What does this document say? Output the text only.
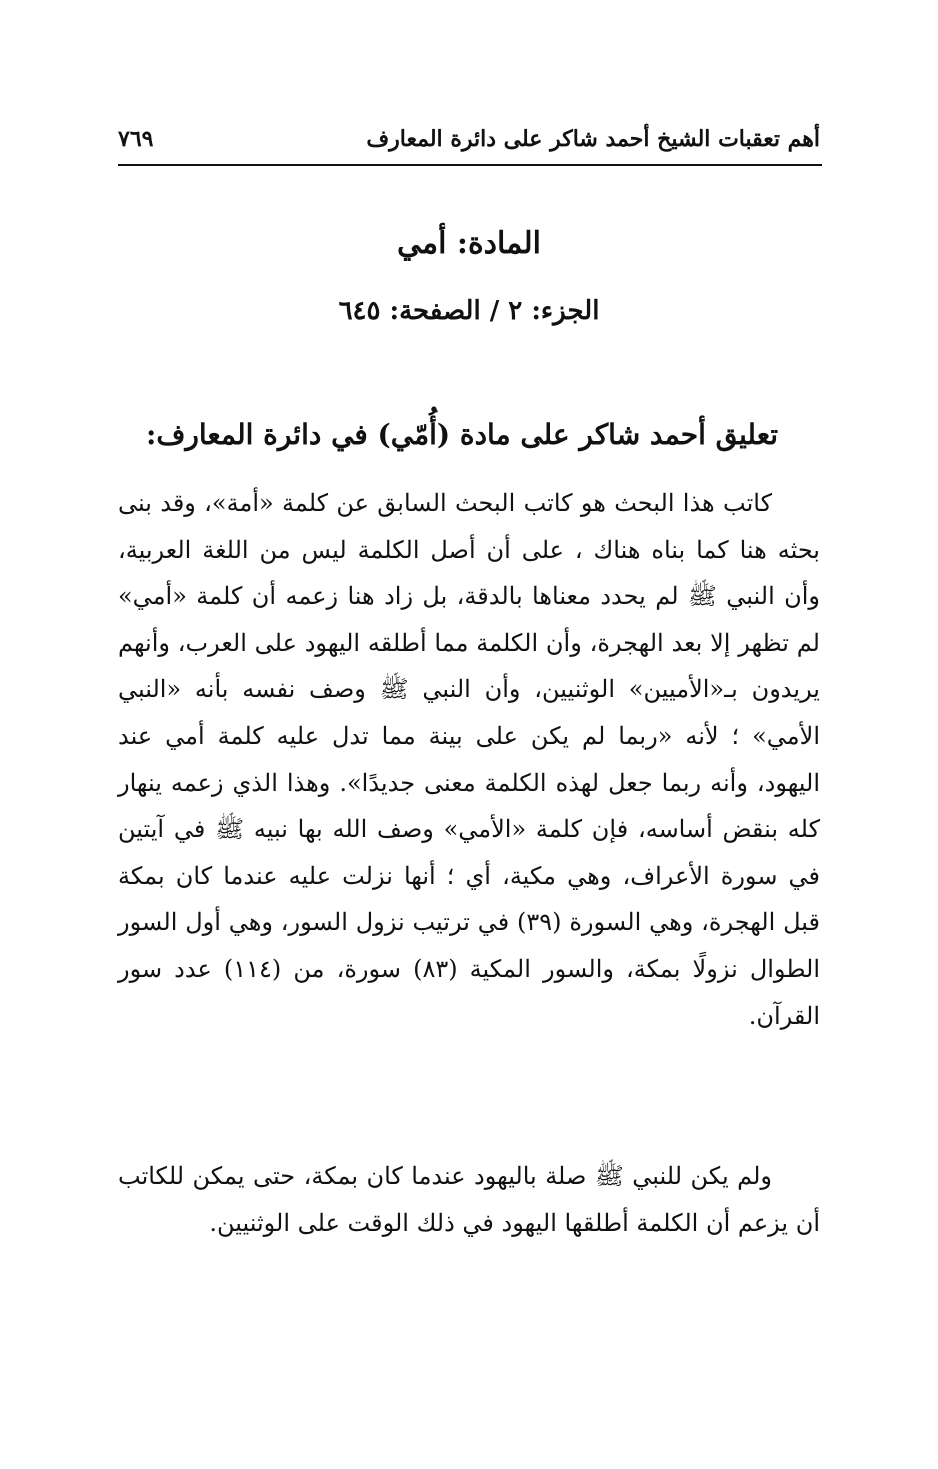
أهم تعقبات الشيخ أحمد شاكر على دائرة المعارف
٧٦٩
المادة: أمي
الجزء: ٢ / الصفحة: ٦٤٥
تعليق أحمد شاكر على مادة (أُمّي) في دائرة المعارف:
كاتب هذا البحث هو كاتب البحث السابق عن كلمة «أمة»، وقد بنى بحثه هنا كما بناه هناك ، على أن أصل الكلمة ليس من اللغة العربية، وأن النبي ﷺ لم يحدد معناها بالدقة، بل زاد هنا زعمه أن كلمة «أمي» لم تظهر إلا بعد الهجرة، وأن الكلمة مما أطلقه اليهود على العرب، وأنهم يريدون بـ«الأميين» الوثنيين، وأن النبي ﷺ وصف نفسه بأنه «النبي الأمي» ؛ لأنه «ربما لم يكن على بينة مما تدل عليه كلمة أمي عند اليهود، وأنه ربما جعل لهذه الكلمة معنى جديدًا». وهذا الذي زعمه ينهار كله بنقض أساسه، فإن كلمة «الأمي» وصف الله بها نبيه ﷺ في آيتين في سورة الأعراف، وهي مكية، أي ؛ أنها نزلت عليه عندما كان بمكة قبل الهجرة، وهي السورة (٣٩) في ترتيب نزول السور، وهي أول السور الطوال نزولًا بمكة، والسور المكية (٨٣) سورة، من (١١٤) عدد سور القرآن.
ولم يكن للنبي ﷺ صلة باليهود عندما كان بمكة، حتى يمكن للكاتب أن يزعم أن الكلمة أطلقها اليهود في ذلك الوقت على الوثنيين.
